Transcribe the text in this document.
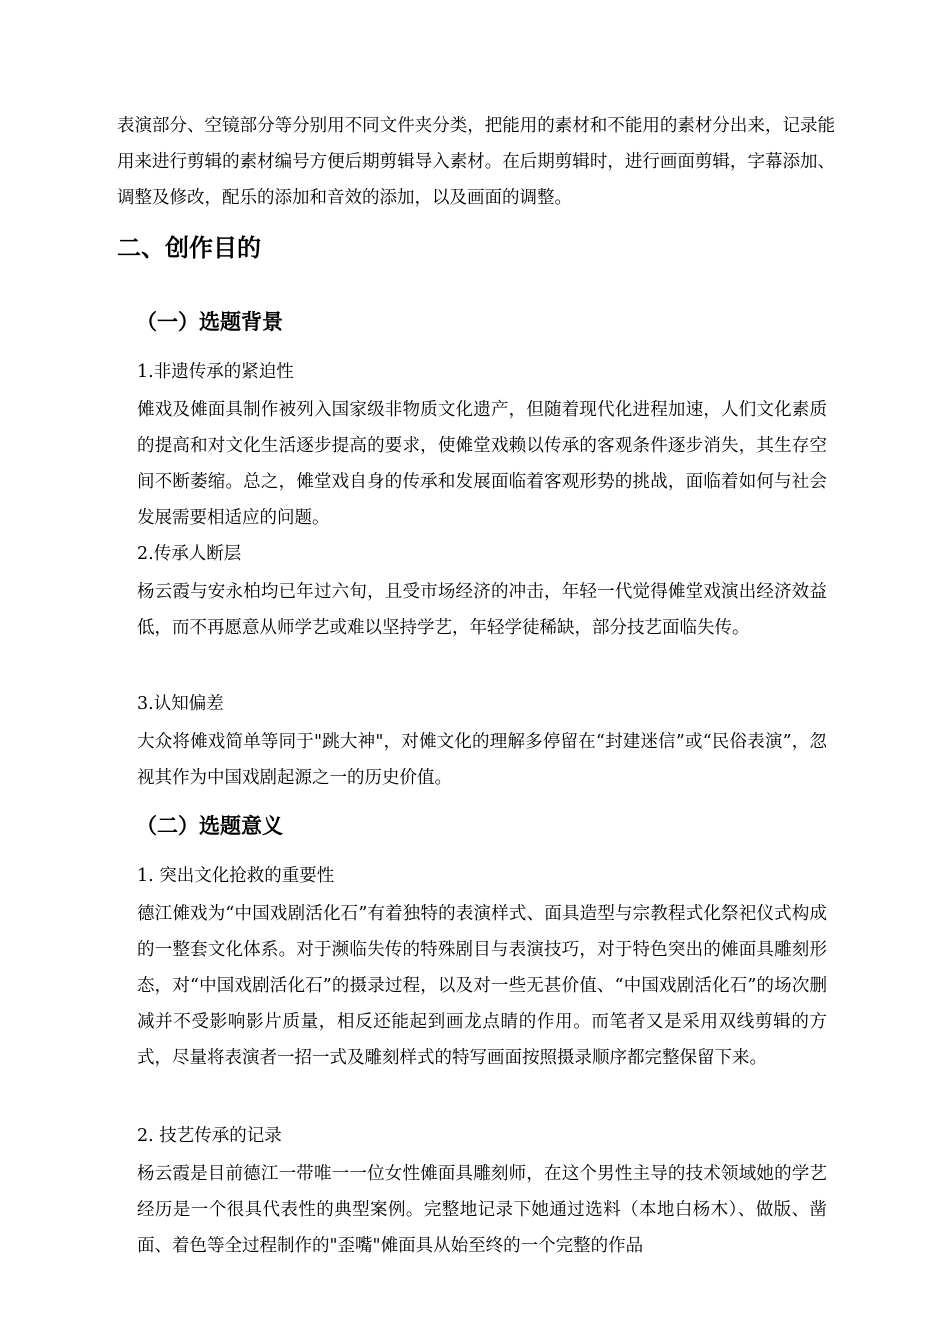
表演部分、空镜部分等分别用不同文件夹分类，把能用的素材和不能用的素材分出来，记录能用来进行剪辑的素材编号方便后期剪辑导入素材。在后期剪辑时，进行画面剪辑，字幕添加、调整及修改，配乐的添加和音效的添加，以及画面的调整。

二、创作目的
（一）选题背景

1.非遗传承的紧迫性

傩戏及傩面具制作被列入国家级非物质文化遗产，但随着现代化进程加速，人们文化素质的提高和对文化生活逐步提高的要求，使傩堂戏赖以传承的客观条件逐步消失，其生存空间不断萎缩。总之，傩堂戏自身的传承和发展面临着客观形势的挑战，面临着如何与社会发展需要相适应的问题。

2.传承人断层

杨云霞与安永柏均已年过六旬，且受市场经济的冲击，年轻一代觉得傩堂戏演出经济效益低，而不再愿意从师学艺或难以坚持学艺，年轻学徒稀缺，部分技艺面临失传。

3.认知偏差

大众将傩戏简单等同于"跳大神"，对傩文化的理解多停留在“封建迷信”或“民俗表演”，忽视其作为中国戏剧起源之一的历史价值。

（二）选题意义

1. 突出文化抢救的重要性

德江傩戏为“中国戏剧活化石”有着独特的表演样式、面具造型与宗教程式化祭祀仪式构成的一整套文化体系。对于濒临失传的特殊剧目与表演技巧，对于特色突出的傩面具雕刻形态，对“中国戏剧活化石”的摄录过程，以及对一些无甚价值、“中国戏剧活化石”的场次删减并不受影响影片质量，相反还能起到画龙点睛的作用。而笔者又是采用双线剪辑的方式，尽量将表演者一招一式及雕刻样式的特写画面按照摄录顺序都完整保留下来。

2. 技艺传承的记录

杨云霞是目前德江一带唯一一位女性傩面具雕刻师，在这个男性主导的技术领域她的学艺经历是一个很具代表性的典型案例。完整地记录下她通过选料（本地白杨木）、做版、凿面、着色等全过程制作的"歪嘴"傩面具从始至终的一个完整的作品
